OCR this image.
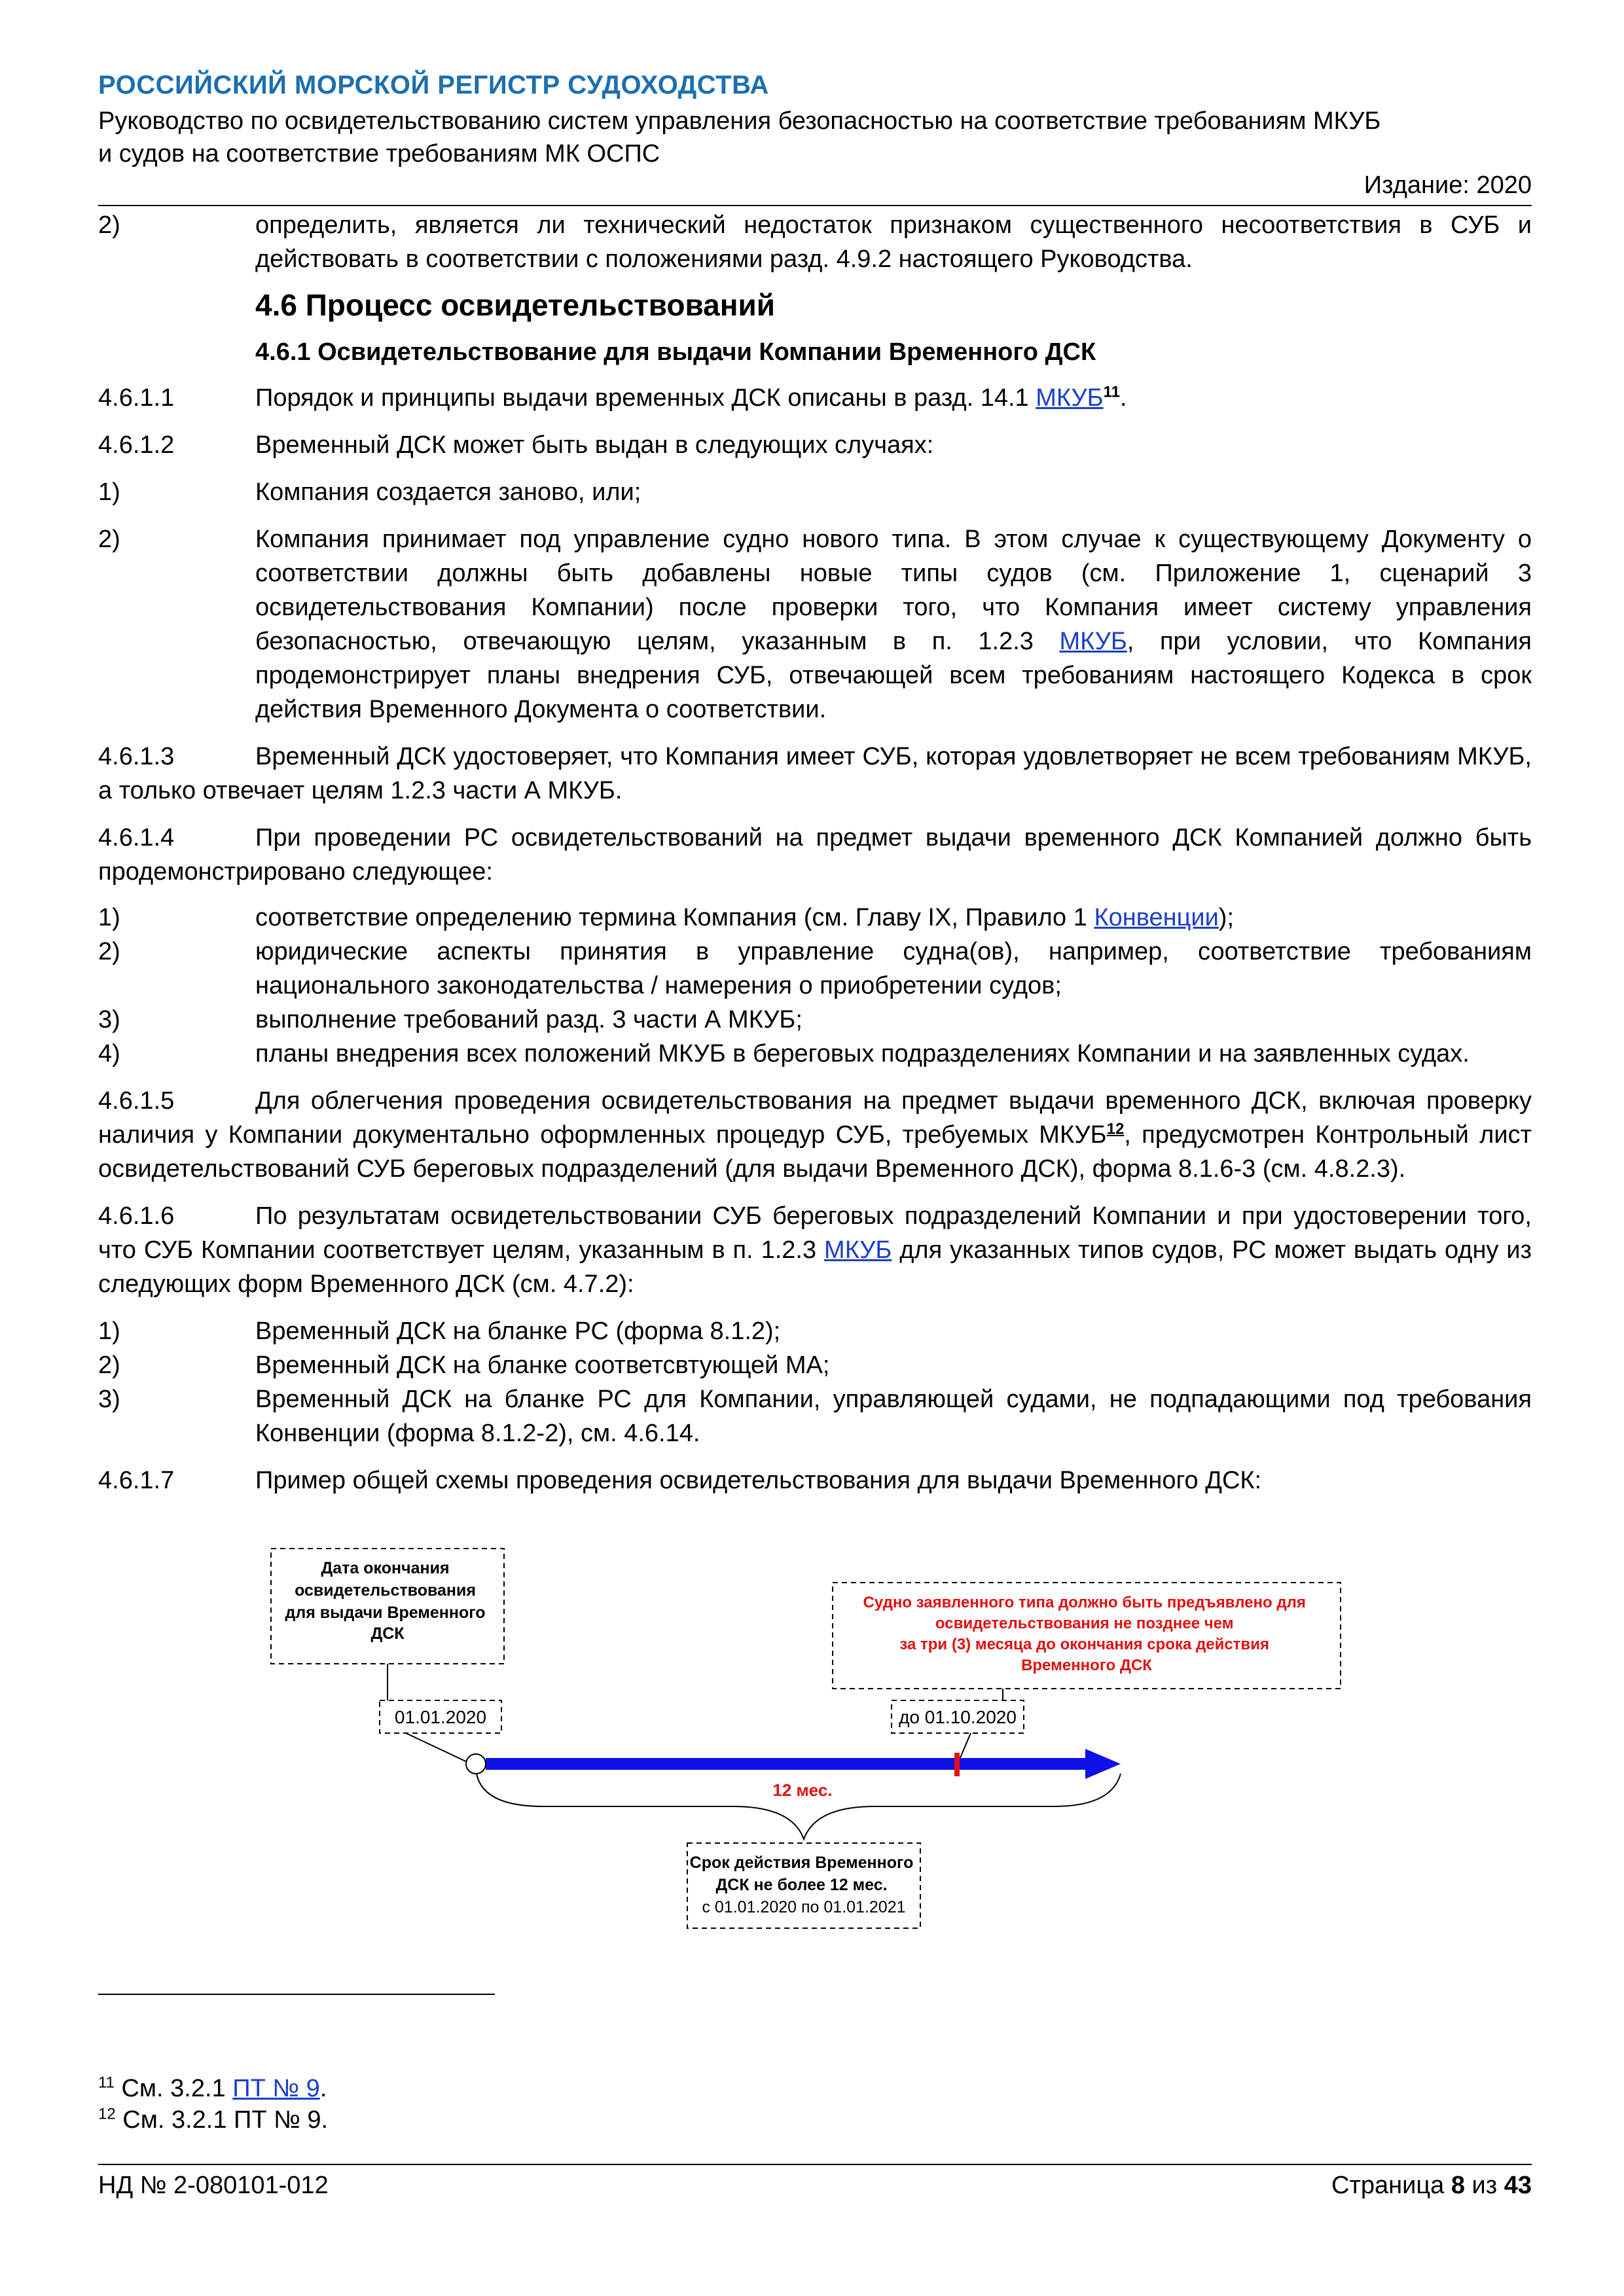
РОССИЙСКИЙ МОРСКОЙ РЕГИСТР СУДОХОДСТВА
Руководство по освидетельствованию систем управления безопасностью на соответствие требованиям МКУБ
и судов на соответствие требованиям МК ОСПС
Издание: 2020
2)	определить, является ли технический недостаток признаком существенного несоответствия в СУБ и действовать в соответствии с положениями разд. 4.9.2 настоящего Руководства.
4.6 Процесс освидетельствований
4.6.1 Освидетельствование для выдачи Компании Временного ДСК
4.6.1.1	Порядок и принципы выдачи временных ДСК описаны в разд. 14.1 МКУБ$^{11}$.
4.6.1.2	Временный ДСК может быть выдан в следующих случаях:
1)	Компания создается заново, или;
2)	Компания принимает под управление судно нового типа. В этом случае к существующему Документу о соответствии должны быть добавлены новые типы судов (см. Приложение 1, сценарий 3 освидетельствования Компании) после проверки того, что Компания имеет систему управления безопасностью, отвечающую целям, указанным в п. 1.2.3 МКУБ, при условии, что Компания продемонстрирует планы внедрения СУБ, отвечающей всем требованиям настоящего Кодекса в срок действия Временного Документа о соответствии.
4.6.1.3	Временный ДСК удостоверяет, что Компания имеет СУБ, которая удовлетворяет не всем требованиям МКУБ, а только отвечает целям 1.2.3 части А МКУБ.
4.6.1.4	При проведении РС освидетельствований на предмет выдачи временного ДСК Компанией должно быть продемонстрировано следующее:
1)	соответствие определению термина Компания (см. Главу IX, Правило 1 Конвенции);
2)	юридические аспекты принятия в управление судна(ов), например, соответствие требованиям национального законодательства / намерения о приобретении судов;
3)	выполнение требований разд. 3 части А МКУБ;
4)	планы внедрения всех положений МКУБ в береговых подразделениях Компании и на заявленных судах.
4.6.1.5	Для облегчения проведения освидетельствования на предмет выдачи временного ДСК, включая проверку наличия у Компании документально оформленных процедур СУБ, требуемых МКУБ$^{12}$, предусмотрен Контрольный лист освидетельствований СУБ береговых подразделений (для выдачи Временного ДСК), форма 8.1.6-3 (см. 4.8.2.3).
4.6.1.6	По результатам освидетельствовании СУБ береговых подразделений Компании и при удостоверении того, что СУБ Компании соответствует целям, указанным в п. 1.2.3 МКУБ для указанных типов судов, РС может выдать одну из следующих форм Временного ДСК (см. 4.7.2):
1)	Временный ДСК на бланке РС (форма 8.1.2);
2)	Временный ДСК на бланке соответсвтующей МА;
3)	Временный ДСК на бланке РС для Компании, управляющей судами, не подпадающими под требования Конвенции (форма 8.1.2-2), см. 4.6.14.
4.6.1.7	Пример общей схемы проведения освидетельствования для выдачи Временного ДСК:
Дата окончания освидетельствования для выдачи Временного ДСК
01.01.2020
Судно заявленного типа должно быть предъявлено для освидетельствования не позднее чем за три (3) месяца до окончания срока действия Временного ДСК
до 01.10.2020
12 мес.
Срок действия Временного ДСК не более 12 мес. с 01.01.2020 по 01.01.2021
$^{11}$ См. 3.2.1 ПТ № 9.
$^{12}$ См. 3.2.1 ПТ № 9.
НД № 2-080101-012	Страница 8 из 43
